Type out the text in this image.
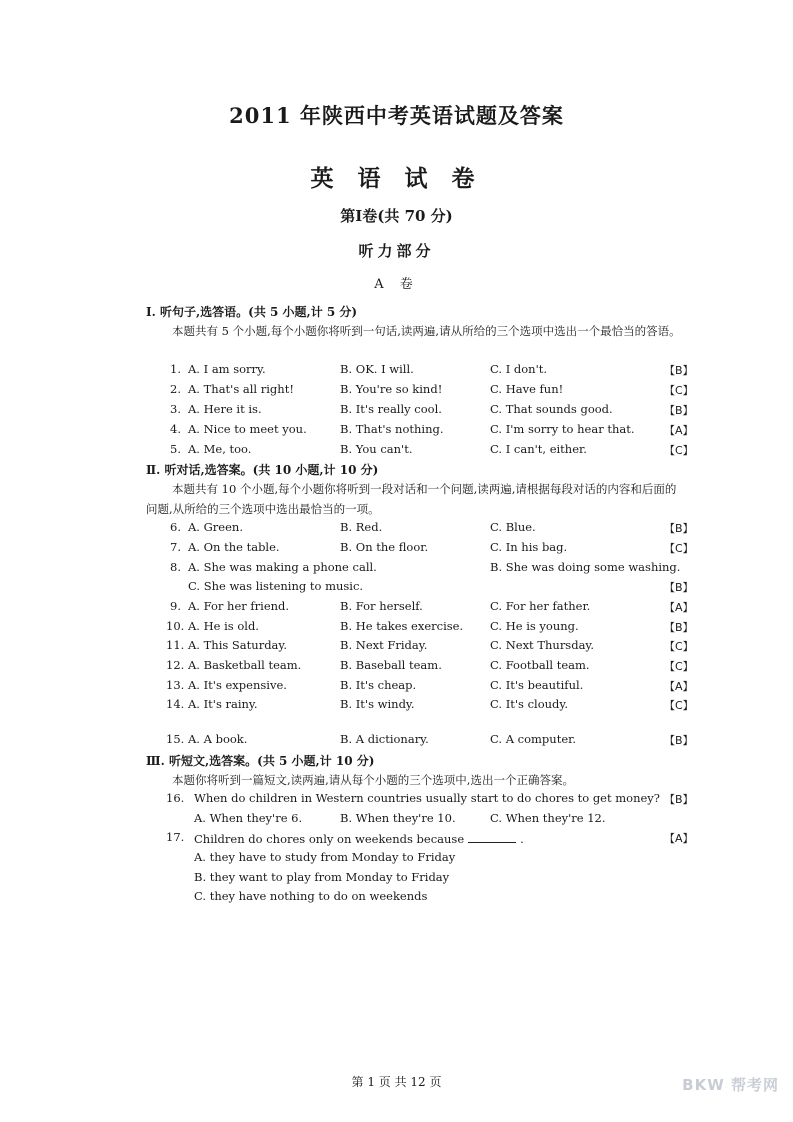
2011 年陕西中考英语试题及答案
英 语 试 卷
第Ⅰ卷(共 70 分)
听力部分
A 卷
Ⅰ. 听句子,选答语。(共 5 小题,计 5 分)
本题共有 5 个小题,每个小题你将听到一句话,读两遍,请从所给的三个选项中选出一个最恰当的答语。
1. A. I am sorry.	B. OK. I will.	C. I don't.	【B】
2. A. That's all right!	B. You're so kind!	C. Have fun!	【C】
3. A. Here it is.	B. It's really cool.	C. That sounds good.	【B】
4. A. Nice to meet you.	B. That's nothing.	C. I'm sorry to hear that.	【A】
5. A. Me, too.	B. You can't.	C. I can't, either.	【C】
Ⅱ. 听对话,选答案。(共 10 小题,计 10 分)
本题共有 10 个小题,每个小题你将听到一段对话和一个问题,读两遍,请根据每段对话的内容和后面的问题,从所给的三个选项中选出最恰当的一项。
6. A. Green.	B. Red.	C. Blue.	【B】
7. A. On the table.	B. On the floor.	C. In his bag.	【C】
8. A. She was making a phone call.	B. She was doing some washing.
C. She was listening to music.	【B】
9. A. For her friend.	B. For herself.	C. For her father.	【A】
10. A. He is old.	B. He takes exercise. C. He is young.	【B】
11. A. This Saturday.	B. Next Friday.	C. Next Thursday.	【C】
12. A. Basketball team.	B. Baseball team.	C. Football team.	【C】
13. A. It's expensive.	B. It's cheap.	C. It's beautiful.	【A】
14. A. It's rainy.	B. It's windy.	C. It's cloudy.	【C】
15. A. A book.	B. A dictionary.	C. A computer.	【B】
Ⅲ. 听短文,选答案。(共 5 小题,计 10 分)
本题你将听到一篇短文,读两遍,请从每个小题的三个选项中,选出一个正确答案。
16. When do children in Western countries usually start to do chores to get money? 【B】
A. When they're 6.	B. When they're 10.	C. When they're 12.
17. Children do chores only on weekends because	.	【A】
A. they have to study from Monday to Friday
B. they want to play from Monday to Friday
C. they have nothing to do on weekends
第 1 页 共 12 页	BKW 帮考网
